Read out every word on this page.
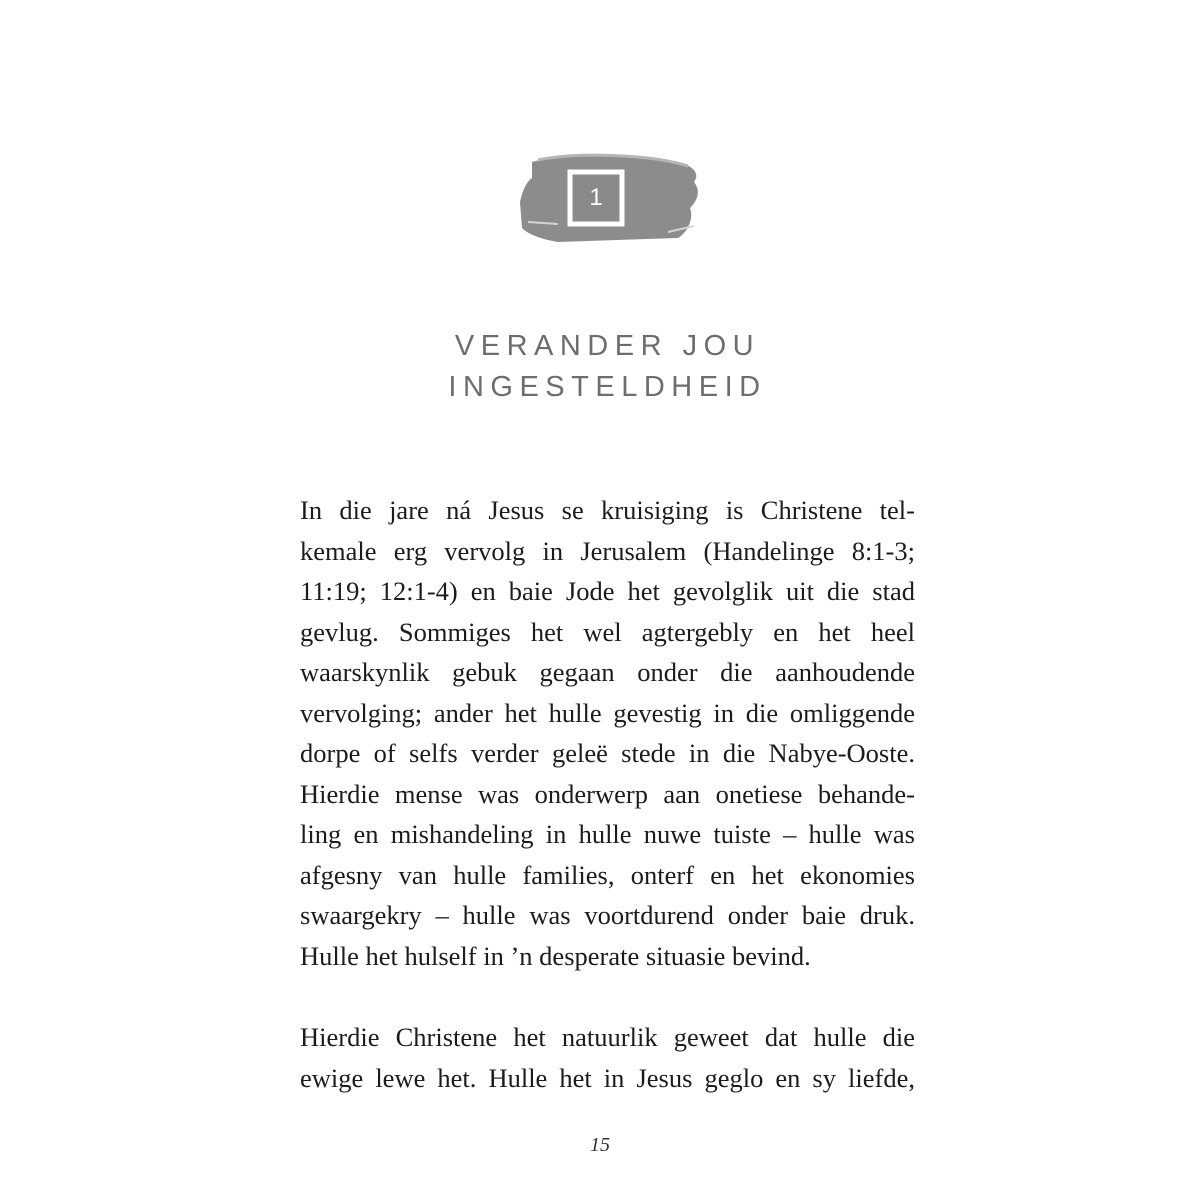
1
VERANDER JOU
INGESTELDHEID
In die jare ná Jesus se kruisiging is Christene tel-
kemale erg vervolg in Jerusalem (Handelinge 8:1-3;
11:19; 12:1-4) en baie Jode het gevolglik uit die stad
gevlug. Sommiges het wel agtergebly en het heel
waarskynlik gebuk gegaan onder die aanhoudende
vervolging; ander het hulle gevestig in die omliggende
dorpe of selfs verder geleë stede in die Nabye-Ooste.
Hierdie mense was onderwerp aan onetiese behande-
ling en mishandeling in hulle nuwe tuiste – hulle was
afgesny van hulle families, onterf en het ekonomies
swaargekry – hulle was voortdurend onder baie druk.
Hulle het hulself in ’n desperate situasie bevind.
Hierdie Christene het natuurlik geweet dat hulle die
ewige lewe het. Hulle het in Jesus geglo en sy liefde,
15
